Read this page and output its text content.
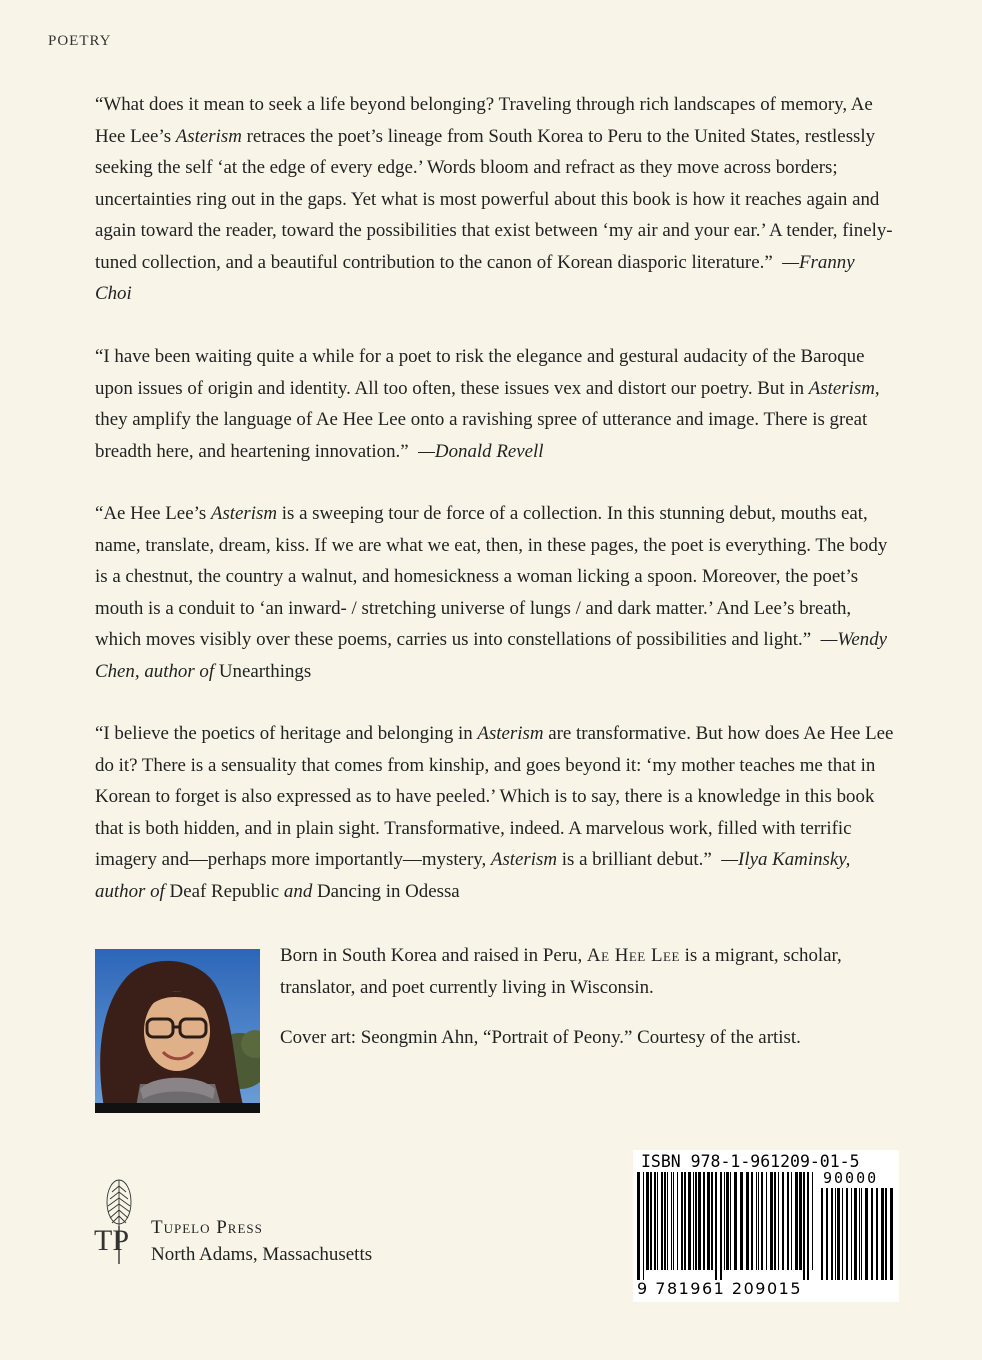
POETRY

“What does it mean to seek a life beyond belonging? Traveling through rich landscapes of memory, Ae Hee Lee’s Asterism retraces the poet’s lineage from South Korea to Peru to the United States, restlessly seeking the self ‘at the edge of every edge.’ Words bloom and refract as they move across borders; uncertainties ring out in the gaps. Yet what is most powerful about this book is how it reaches again and again toward the reader, toward the possibilities that exist between ‘my air and your ear.’ A tender, finely-tuned collection, and a beautiful contribution to the canon of Korean diasporic literature.” —Franny Choi

“I have been waiting quite a while for a poet to risk the elegance and gestural audacity of the Baroque upon issues of origin and identity. All too often, these issues vex and distort our poetry. But in Asterism, they amplify the language of Ae Hee Lee onto a ravishing spree of utterance and image. There is great breadth here, and heartening innovation.” —Donald Revell

“Ae Hee Lee’s Asterism is a sweeping tour de force of a collection. In this stunning debut, mouths eat, name, translate, dream, kiss. If we are what we eat, then, in these pages, the poet is everything. The body is a chestnut, the country a walnut, and homesickness a woman licking a spoon. Moreover, the poet’s mouth is a conduit to ‘an inward- / stretching universe of lungs / and dark matter.’ And Lee’s breath, which moves visibly over these poems, carries us into constellations of possibilities and light.” —Wendy Chen, author of Unearthings

“I believe the poetics of heritage and belonging in Asterism are transformative. But how does Ae Hee Lee do it? There is a sensuality that comes from kinship, and goes beyond it: ‘my mother teaches me that in Korean to forget is also expressed as to have peeled.’ Which is to say, there is a knowledge in this book that is both hidden, and in plain sight. Transformative, indeed. A marvelous work, filled with terrific imagery and—perhaps more importantly—mystery, Asterism is a brilliant debut.” —Ilya Kaminsky, author of Deaf Republic and Dancing in Odessa

Born in South Korea and raised in Peru, Ae Hee Lee is a migrant, scholar, translator, and poet currently living in Wisconsin.

Cover art: Seongmin Ahn, “Portrait of Peony.” Courtesy of the artist.

TP Tupelo Press
North Adams, Massachusetts
ISBN 978-1-961209-01-5
90000
9 781961 209015
